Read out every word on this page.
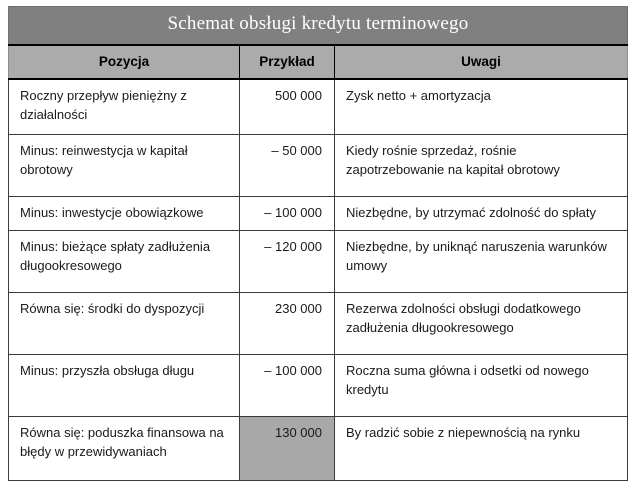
Schemat obsługi kredytu terminowego		
Pozycja	Przykład	Uwagi
Roczny przepływ pieniężny z działalności	500 000	Zysk netto + amortyzacja
Minus: reinwestycja w kapitał obrotowy	– 50 000	Kiedy rośnie sprzedaż, rośnie zapotrzebowanie na kapitał obrotowy
Minus: inwestycje obowiązkowe	– 100 000	Niezbędne, by utrzymać zdolność do spłaty
Minus: bieżące spłaty zadłużenia długookresowego	– 120 000	Niezbędne, by uniknąć naruszenia warunków umowy
Równa się: środki do dyspozycji	230 000	Rezerwa zdolności obsługi dodatkowego zadłużenia długookresowego
Minus: przyszła obsługa długu	– 100 000	Roczna suma główna i odsetki od nowego kredytu
Równa się: poduszka finansowa na błędy w przewidywaniach	130 000	By radzić sobie z niepewnością na rynku
